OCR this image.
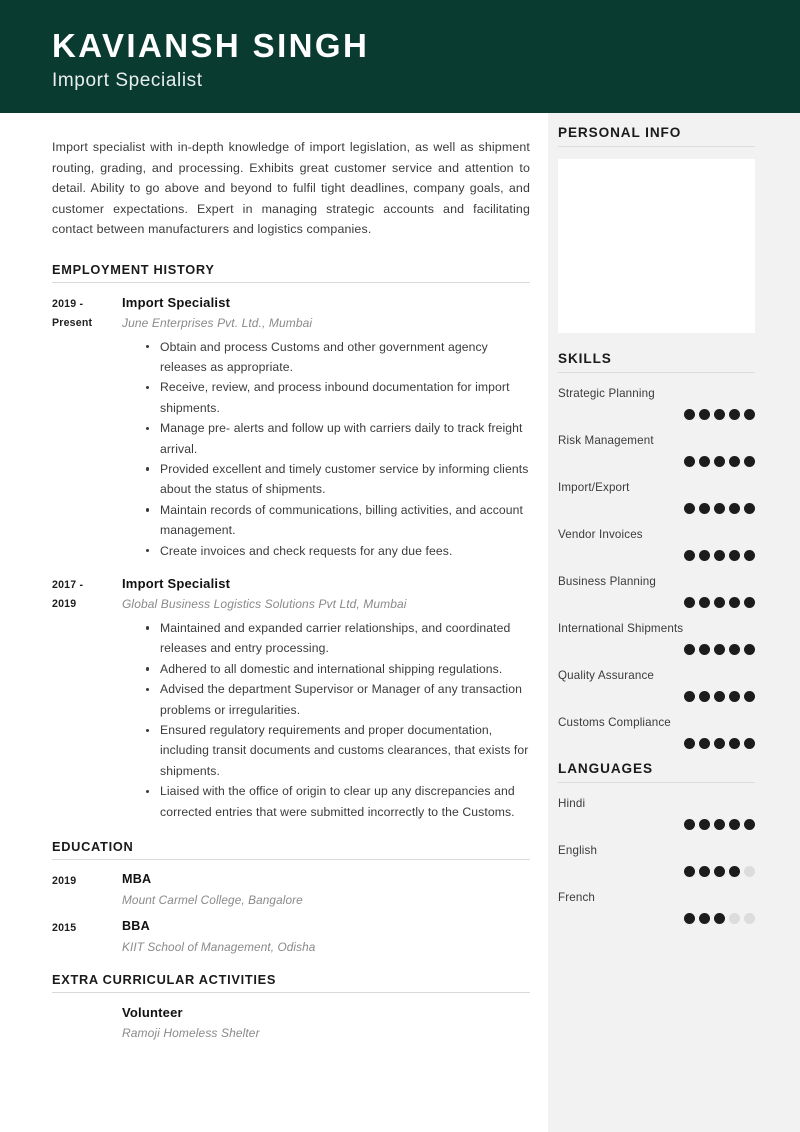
KAVIANSH SINGH
Import Specialist
Import specialist with in-depth knowledge of import legislation, as well as shipment routing, grading, and processing. Exhibits great customer service and attention to detail. Ability to go above and beyond to fulfil tight deadlines, company goals, and customer expectations. Expert in managing strategic accounts and facilitating contact between manufacturers and logistics companies.
EMPLOYMENT HISTORY
2019 -
Present
Import Specialist
June Enterprises Pvt. Ltd., Mumbai
Obtain and process Customs and other government agency releases as appropriate.
Receive, review, and process inbound documentation for import shipments.
Manage pre- alerts and follow up with carriers daily to track freight arrival.
Provided excellent and timely customer service by informing clients about the status of shipments.
Maintain records of communications, billing activities, and account management.
Create invoices and check requests for any due fees.
2017 -
2019
Import Specialist
Global Business Logistics Solutions Pvt Ltd, Mumbai
Maintained and expanded carrier relationships, and coordinated releases and entry processing.
Adhered to all domestic and international shipping regulations.
Advised the department Supervisor or Manager of any transaction problems or irregularities.
Ensured regulatory requirements and proper documentation, including transit documents and customs clearances, that exists for shipments.
Liaised with the office of origin to clear up any discrepancies and corrected entries that were submitted incorrectly to the Customs.
EDUCATION
2019	MBA
Mount Carmel College, Bangalore
2015	BBA
KIIT School of Management, Odisha
EXTRA CURRICULAR ACTIVITIES
Volunteer
Ramoji Homeless Shelter
PERSONAL INFO
SKILLS
Strategic Planning
Risk Management
Import/Export
Vendor Invoices
Business Planning
International Shipments
Quality Assurance
Customs Compliance
LANGUAGES
Hindi
English
French
